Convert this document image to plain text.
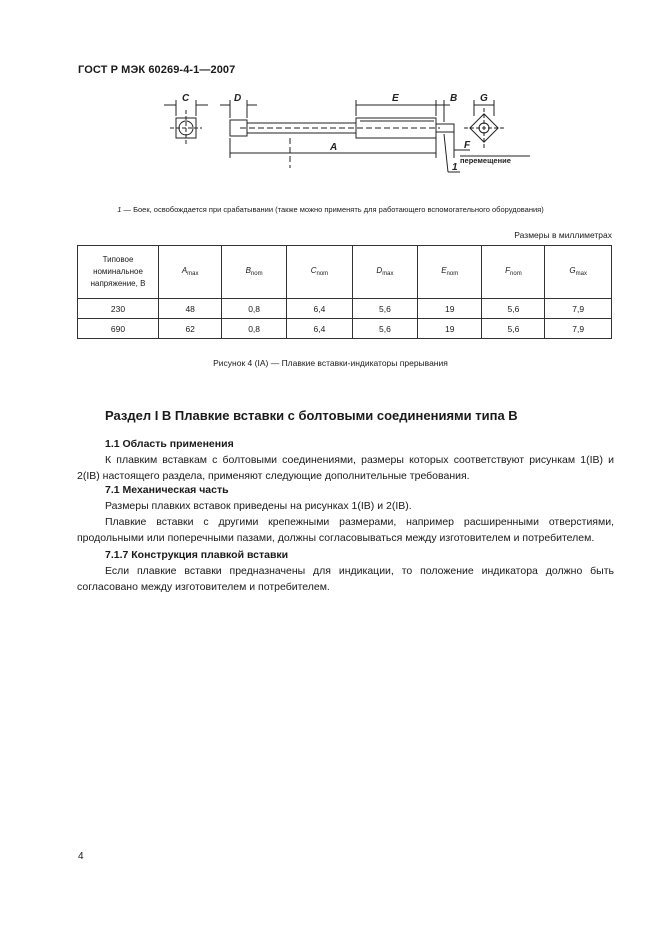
ГОСТ Р МЭК 60269-4-1—2007
C	D	E	B G
A	F
1
перемещение
1 — Боек, освобождается при срабатывании (также можно применять для работающего вспомогательного оборудования)
Размеры в миллиметрах
Типовое
номинальное
напряжение, В	$A_{max}$	$B_{nom}$	$C_{nom}$	$D_{max}$	$E_{nom}$	$F_{nom}$	$G_{max}$
230	48	0,8	6,4	5,6	19	5,6	7,9
690	62	0,8	6,4	5,6	19	5,6	7,9
Рисунок 4 (IA) — Плавкие вставки-индикаторы прерывания
Раздел I B Плавкие вставки с болтовыми соединениями типа B
1.1 Область применения
К плавким вставкам с болтовыми соединениями, размеры которых соответствуют рисункам 1(IB) и 2(IB) настоящего раздела, применяют следующие дополнительные требования.
7.1 Механическая часть
Размеры плавких вставок приведены на рисунках 1(IB) и 2(IB).
Плавкие вставки с другими крепежными размерами, например расширенными отверстиями, продольными или поперечными пазами, должны согласовываться между изготовителем и потребителем.
7.1.7 Конструкция плавкой вставки
Если плавкие вставки предназначены для индикации, то положение индикатора должно быть согласовано между изготовителем и потребителем.
4
